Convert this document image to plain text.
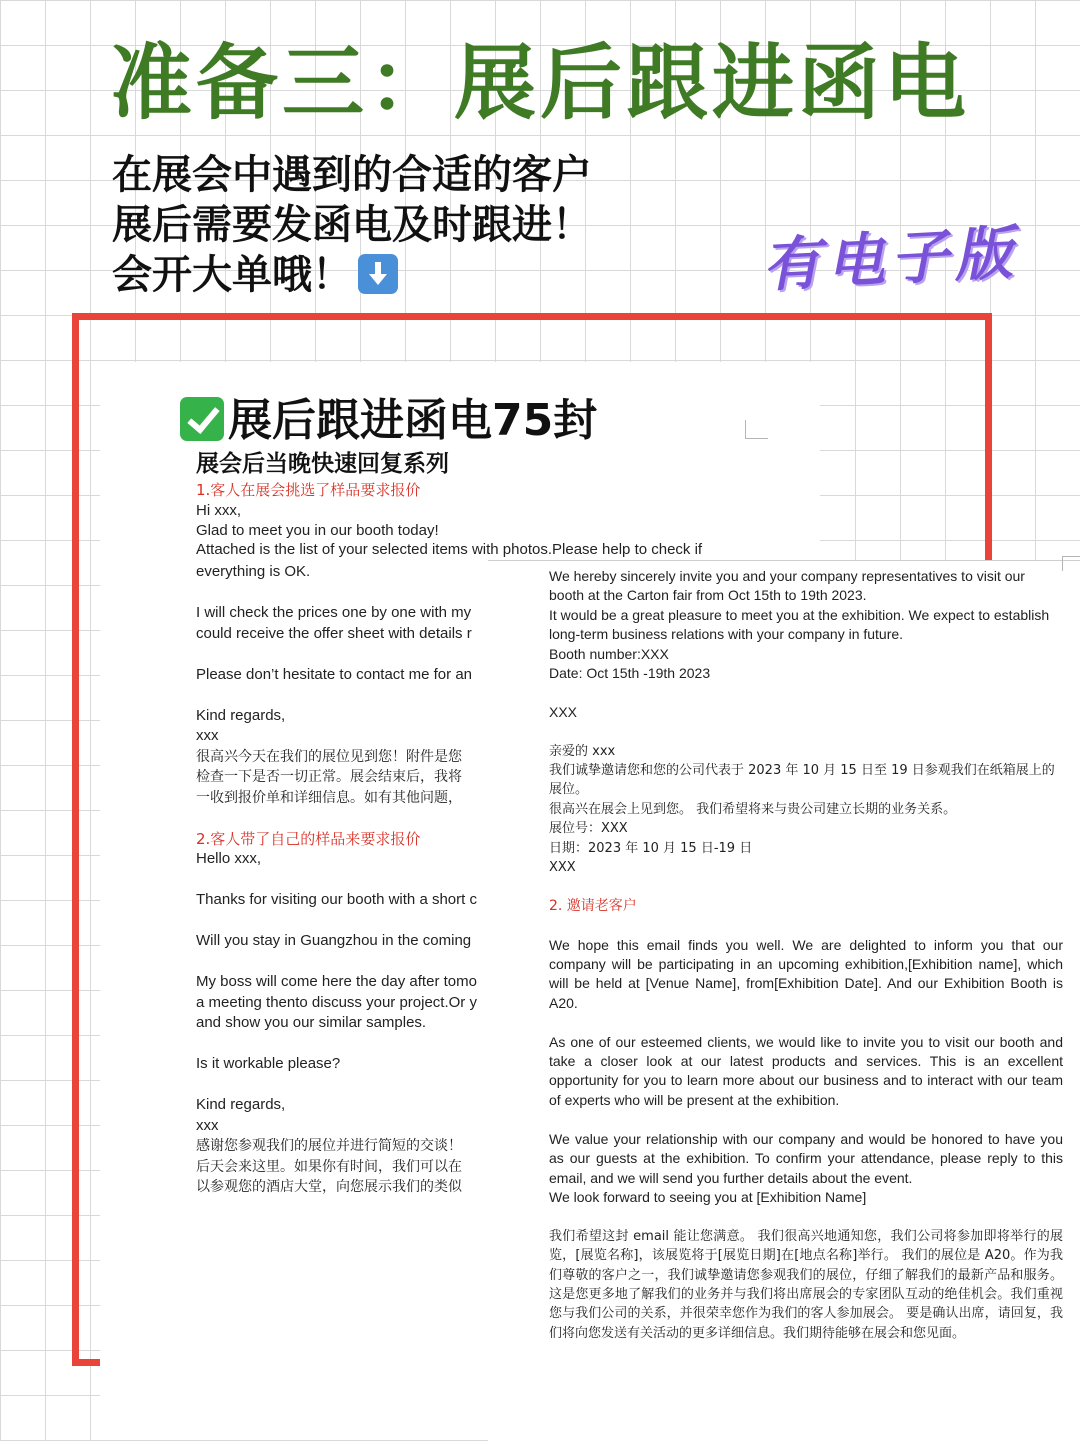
准备三：展后跟进函电
在展会中遇到的合适的客户
展后需要发函电及时跟进！
会开大单哦！	有电子版
展后跟进函电75封
展会后当晚快速回复系列
1.客人在展会挑选了样品要求报价
Hi xxx,
Glad to meet you in our booth today!
everything is OK.
I will check the prices one by one with my
could receive the offer sheet with details r
Please don’t hesitate to contact me for an
Kind regards,
xxx
很高兴今天在我们的展位见到您！附件是您
检查一下是否一切正常。展会结束后，我将
一收到报价单和详细信息。如有其他问题，
2.客人带了自己的样品来要求报价
Hello xxx,
Thanks for visiting our booth with a short c
Will you stay in Guangzhou in the coming
My boss will come here the day after tomo
a meeting thento discuss your project.Or y
and show you our similar samples.
Is it workable please?
Kind regards,
xxx
感谢您参观我们的展位并进行简短的交谈！
后天会来这里。如果你有时间，我们可以在
以参观您的酒店大堂，向您展示我们的类似
Attached is the list of your selected items with photos.Please help to check if

We hereby sincerely invite you and your company representatives to visit our booth at the Carton fair from Oct 15th to 19th 2023.

It would be a great pleasure to meet you at the exhibition. We expect to establish long-term business relations with your company in future.

Booth number:XXX

Date: Oct 15th -19th 2023

XXX

亲爱的 xxx

我们诚挚邀请您和您的公司代表于 2023 年 10 月 15 日至 19 日参观我们在纸箱展上的展位。

很高兴在展会上见到您。 我们希望将来与贵公司建立长期的业务关系。

展位号：XXX

日期：2023 年 10 月 15 日-19 日

XXX

2. 邀请老客户

We hope this email finds you well. We are delighted to inform you that our company will be participating in an upcoming exhibition,[Exhibition name], which will be held at [Venue Name], from[Exhibition Date]. And our Exhibition Booth is A20.

As one of our esteemed clients, we would like to invite you to visit our booth and take a closer look at our latest products and services. This is an excellent opportunity for you to learn more about our business and to interact with our team of experts who will be present at the exhibition.

We value your relationship with our company and would be honored to have you as our guests at the exhibition. To confirm your attendance, please reply to this email, and we will send you further details about the event.

We look forward to seeing you at [Exhibition Name]

我们希望这封 email 能让您满意。 我们很高兴地通知您，我们公司将参加即将举行的展览，[展览名称]，该展览将于[展览日期]在[地点名称]举行。 我们的展位是 A20。作为我们尊敬的客户之一，我们诚挚邀请您参观我们的展位，仔细了解我们的最新产品和服务。 这是您更多地了解我们的业务并与我们将出席展会的专家团队互动的绝佳机会。我们重视您与我们公司的关系，并很荣幸您作为我们的客人参加展会。 要是确认出席，请回复，我们将向您发送有关活动的更多详细信息。我们期待能够在展会和您见面。
